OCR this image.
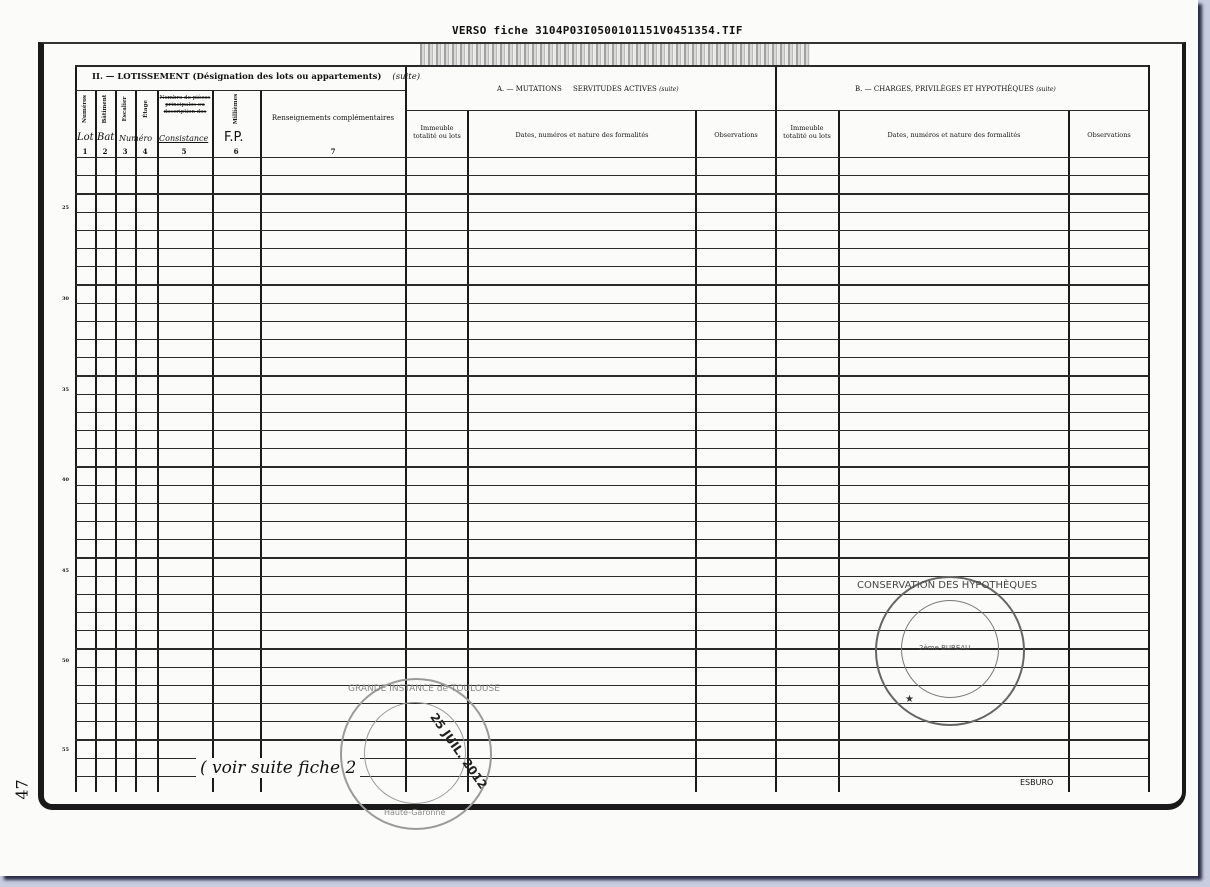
VERSO fiche 3104P03I0500101151V0451354.TIF
II. — LOTISSEMENT (Désignation des lots ou appartements) (suite)
Numéros	Bâtiment	Escalier	Étage
Nombre de pièces principales ou description des	Millièmes	Renseignements complémentaires
Lot Bat Numéro Consistance F.P.
1	2	3	4	5	6	7
A. — MUTATIONS     SERVITUDES ACTIVES (suite)
Immeuble totalité ou lots	Dates, numéros et nature des formalités	Observations
B. — CHARGES, PRIVILÈGES ET HYPOTHÈQUES (suite)
Immeuble totalité ou lots	Dates, numéros et nature des formalités	Observations
25
30
35
40
45
50
55
( voir suite fiche 2
47	ESBURO
GRANDE INSTANCE de TOULOUSE
Haute-Garonne
25 JUIL. 2012
CONSERVATION DES HYPOTHÈQUES
2ème BUREAU
★
